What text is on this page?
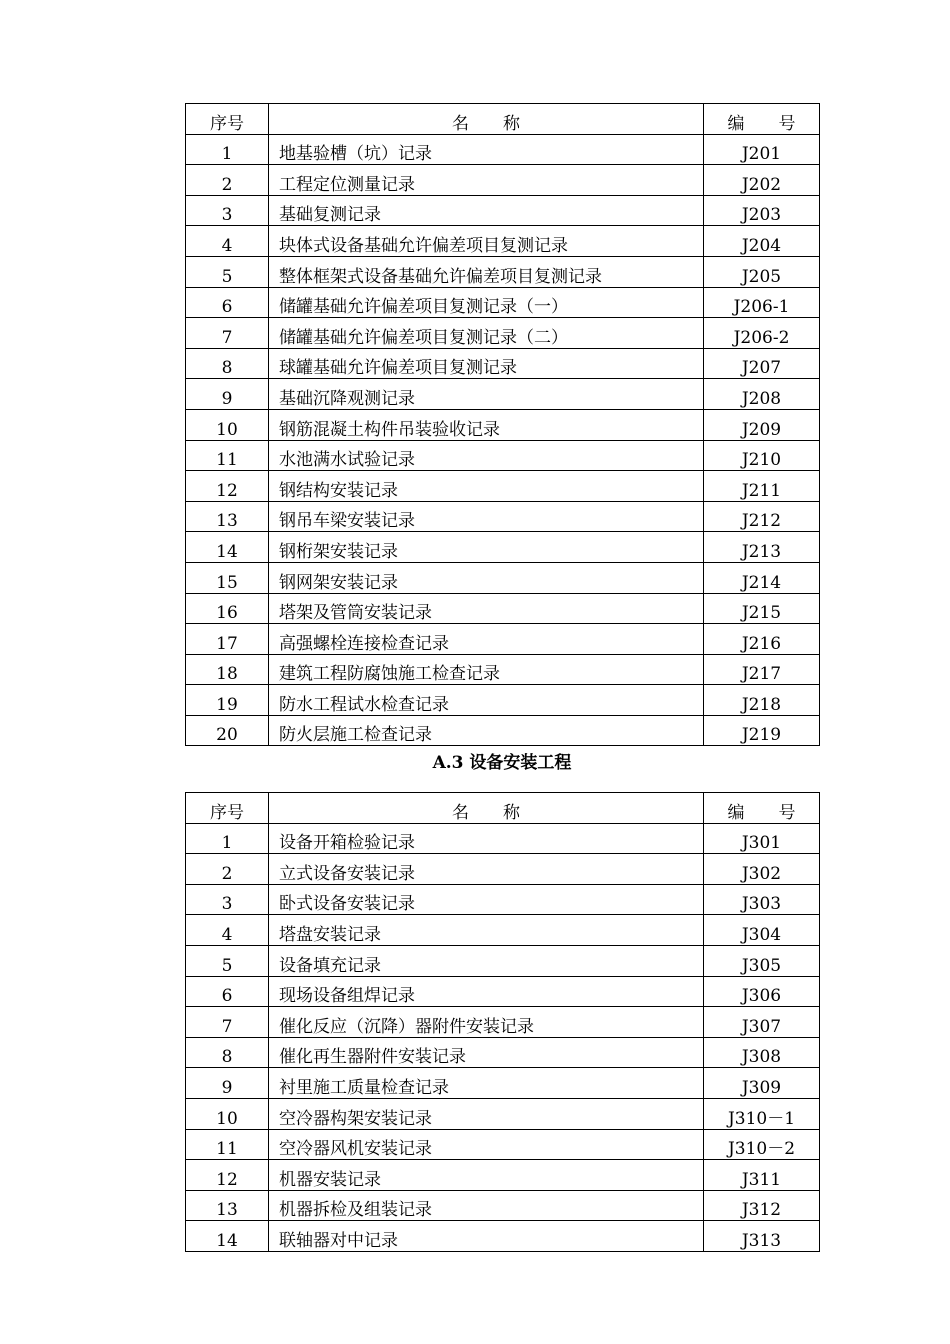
序号	名　　称	编　　号
1	地基验槽（坑）记录	J201
2	工程定位测量记录	J202
3	基础复测记录	J203
4	块体式设备基础允许偏差项目复测记录	J204
5	整体框架式设备基础允许偏差项目复测记录	J205
6	储罐基础允许偏差项目复测记录（一）	J206-1
7	储罐基础允许偏差项目复测记录（二）	J206-2
8	球罐基础允许偏差项目复测记录	J207
9	基础沉降观测记录	J208
10	钢筋混凝土构件吊装验收记录	J209
11	水池满水试验记录	J210
12	钢结构安装记录	J211
13	钢吊车梁安装记录	J212
14	钢桁架安装记录	J213
15	钢网架安装记录	J214
16	塔架及管筒安装记录	J215
17	高强螺栓连接检查记录	J216
18	建筑工程防腐蚀施工检查记录	J217
19	防水工程试水检查记录	J218
20	防火层施工检查记录	J219
A.3 设备安装工程
序号	名　　称	编　　号
1	设备开箱检验记录	J301
2	立式设备安装记录	J302
3	卧式设备安装记录	J303
4	塔盘安装记录	J304
5	设备填充记录	J305
6	现场设备组焊记录	J306
7	催化反应（沉降）器附件安装记录	J307
8	催化再生器附件安装记录	J308
9	衬里施工质量检查记录	J309
10	空冷器构架安装记录	J310－1
11	空冷器风机安装记录	J310－2
12	机器安装记录	J311
13	机器拆检及组装记录	J312
14	联轴器对中记录	J313
